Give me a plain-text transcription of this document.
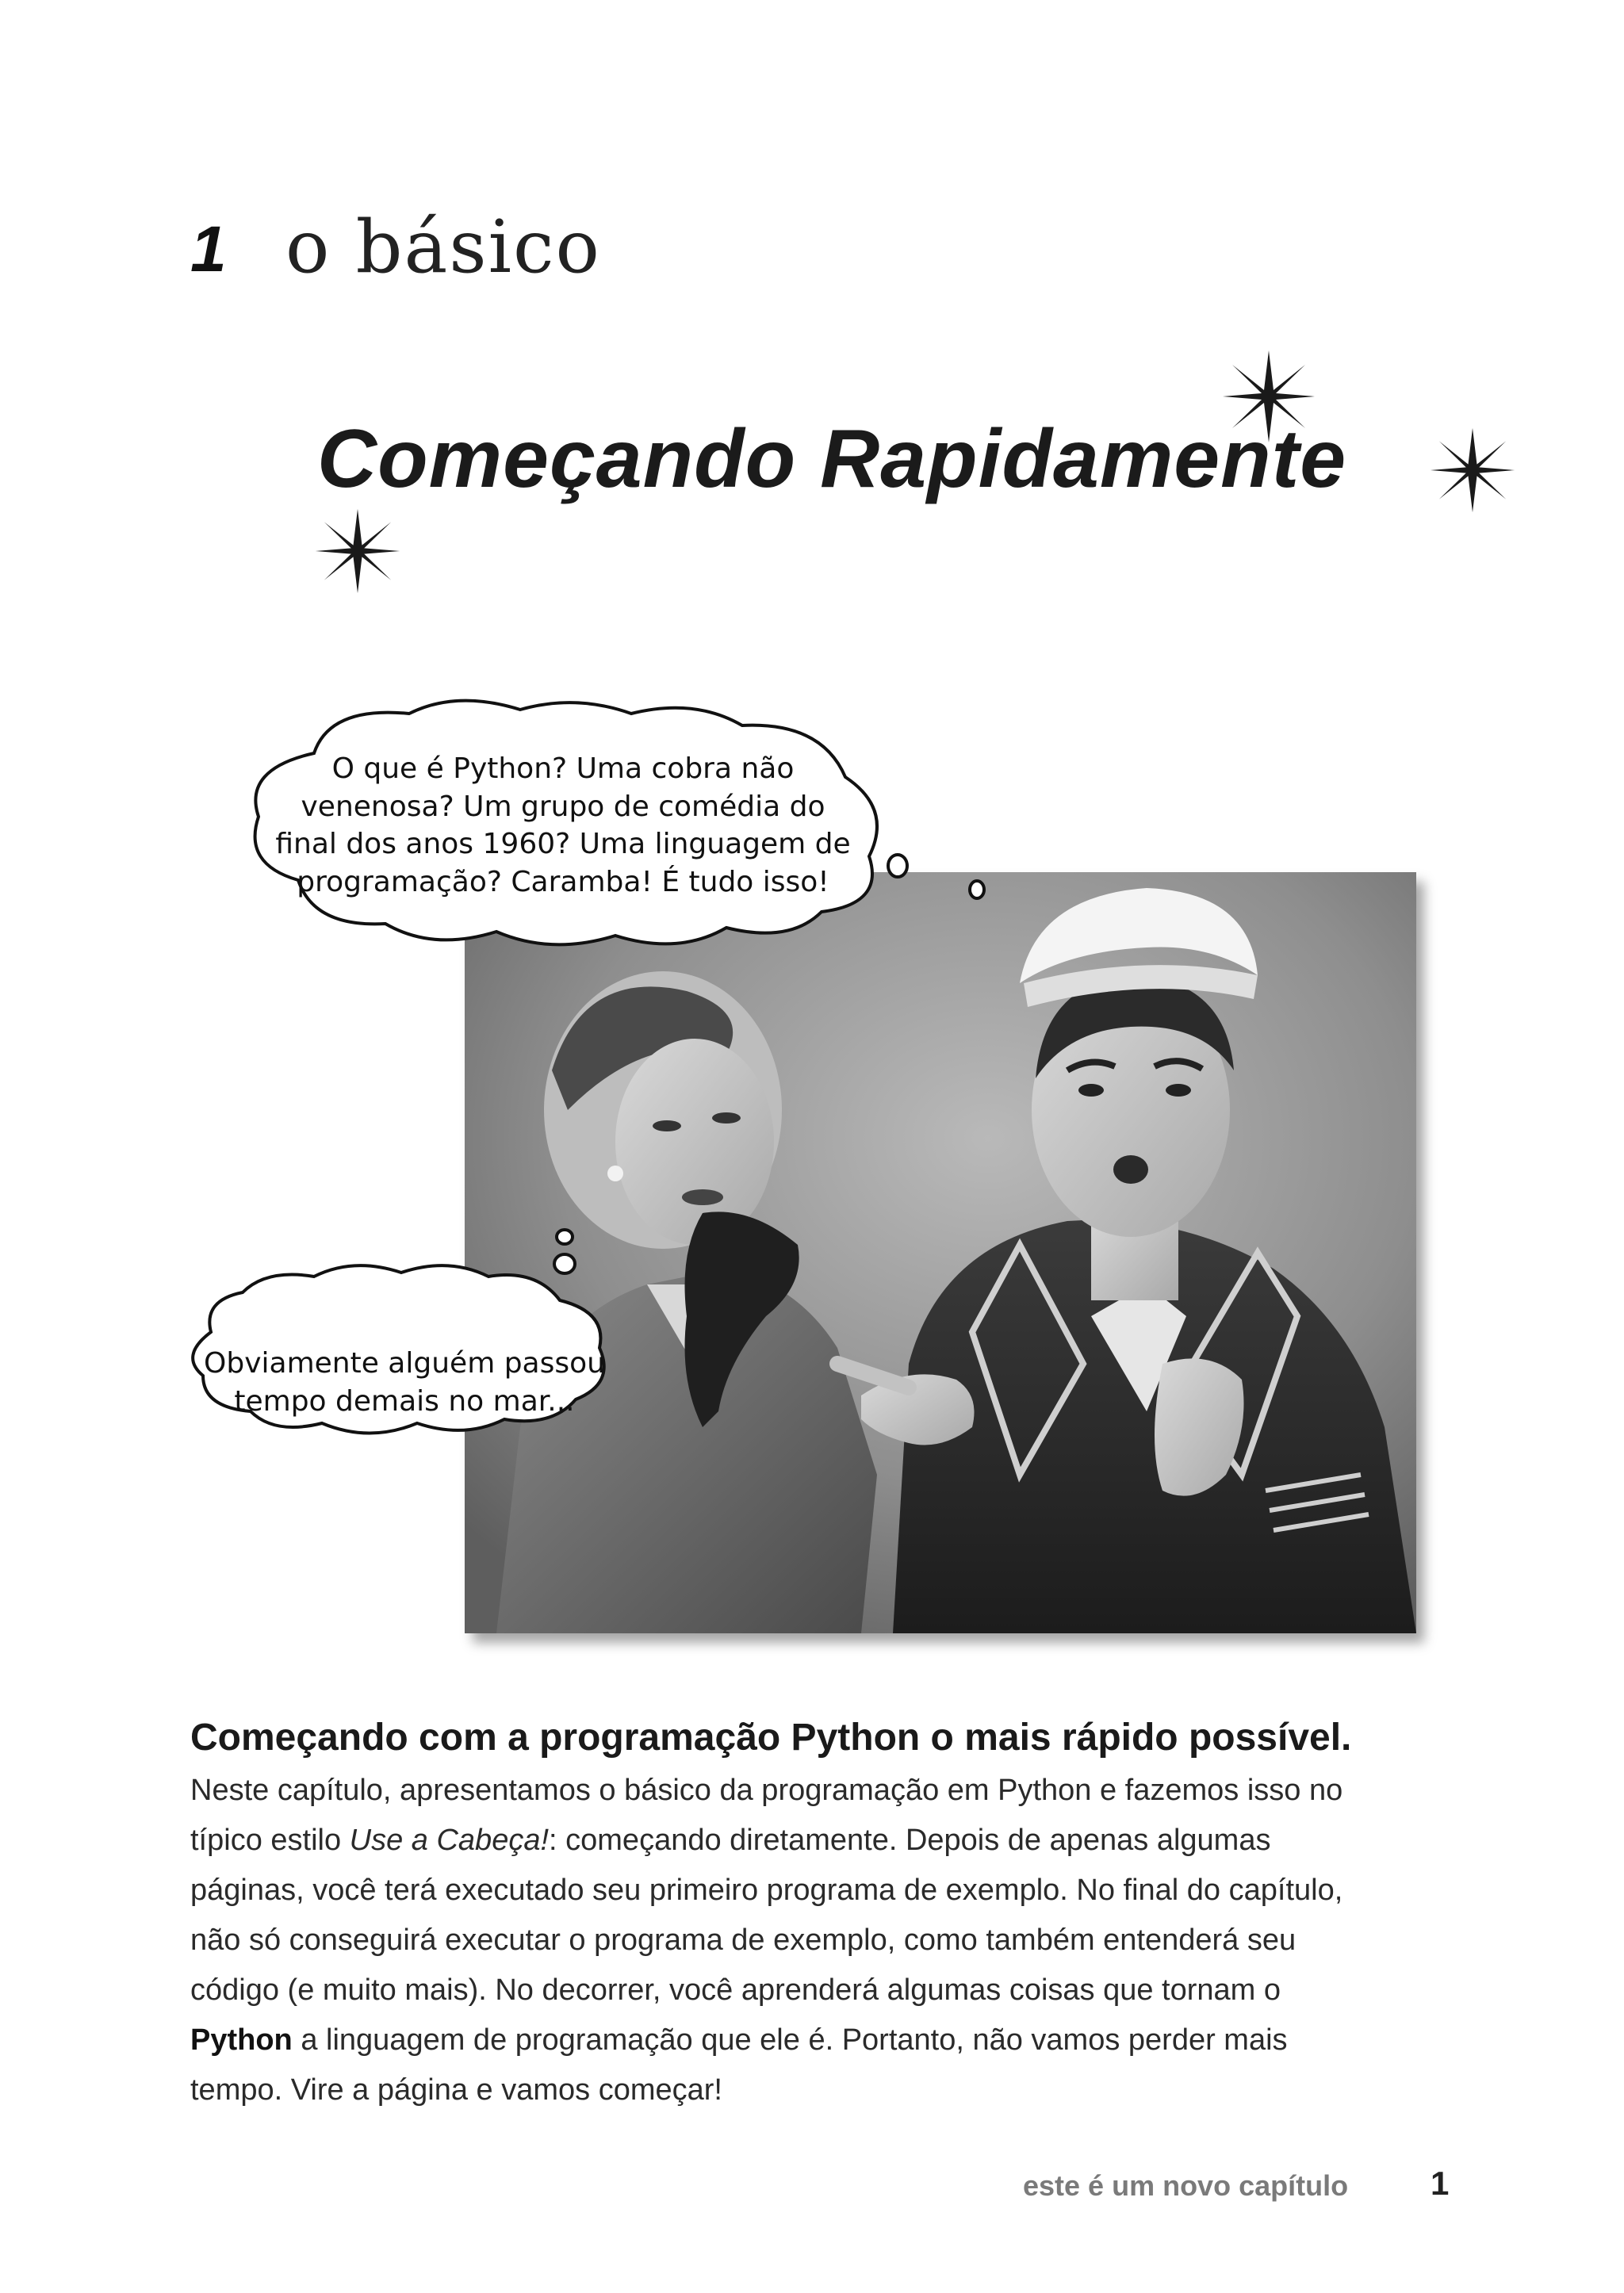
1 o básico
Começando Rapidamente
O que é Python? Uma cobra não venenosa? Um grupo de comédia do final dos anos 1960? Uma linguagem de programação? Caramba! É tudo isso!
Obviamente alguém passou tempo demais no mar...
Começando com a programação Python o mais rápido possível. Neste capítulo, apresentamos o básico da programação em Python e fazemos isso no típico estilo Use a Cabeça!: começando diretamente. Depois de apenas algumas páginas, você terá executado seu primeiro programa de exemplo. No final do capítulo, não só conseguirá executar o programa de exemplo, como também entenderá seu código (e muito mais). No decorrer, você aprenderá algumas coisas que tornam o Python a linguagem de programação que ele é. Portanto, não vamos perder mais tempo. Vire a página e vamos começar!
este é um novo capítulo 1
